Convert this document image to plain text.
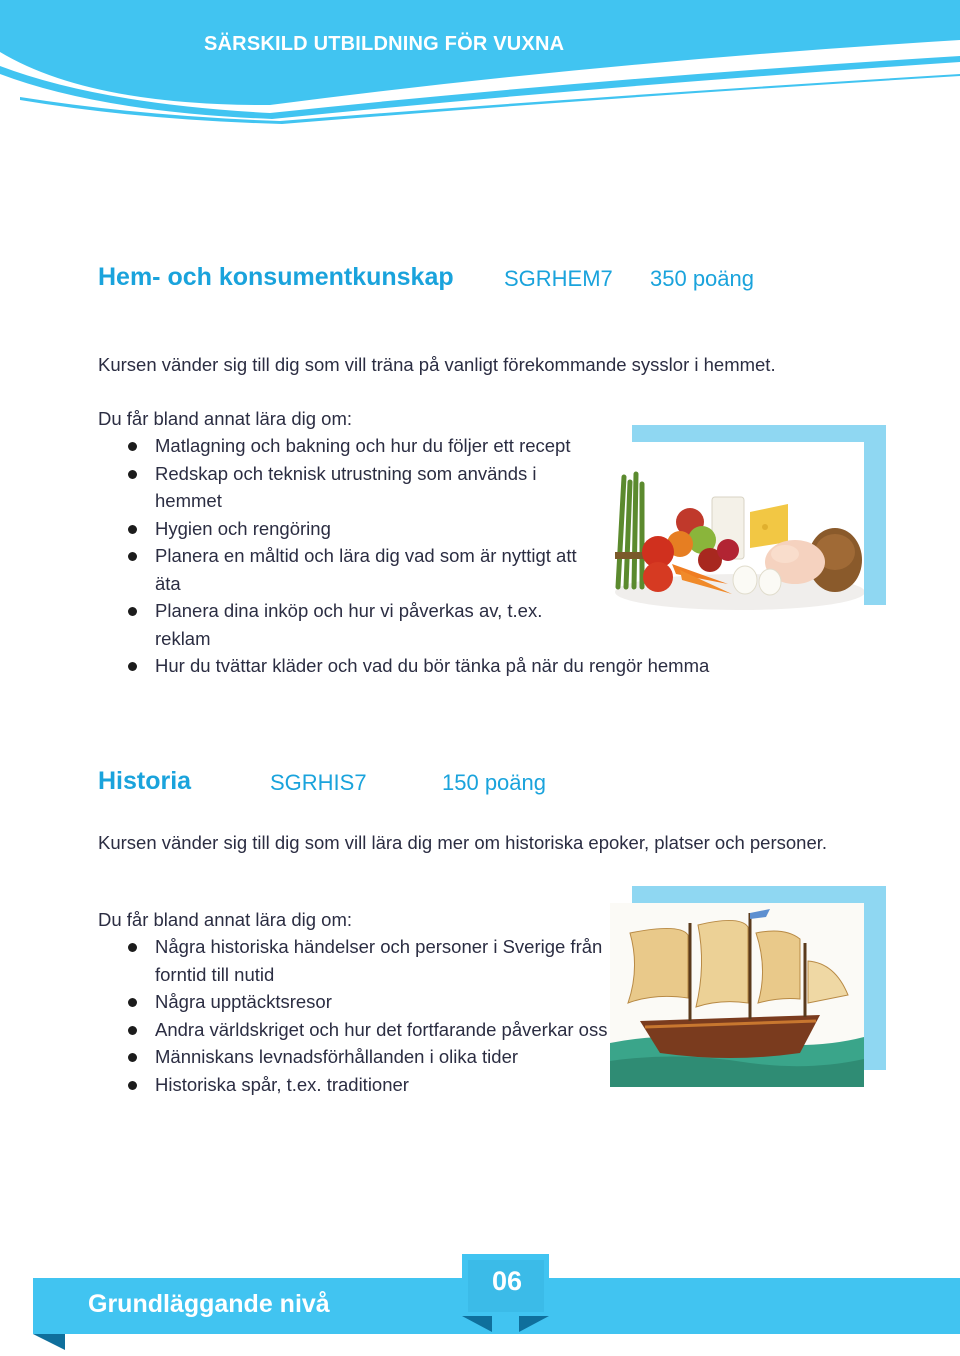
SÄRSKILD UTBILDNING FÖR VUXNA
Hem- och konsumentkunskap SGRHEM7 350 poäng
Kursen vänder sig till dig som vill träna på vanligt förekommande sysslor i hemmet.
Du får bland annat lära dig om:
Matlagning och bakning och hur du följer ett recept
Redskap och teknisk utrustning som används i hemmet
Hygien och rengöring
Planera en måltid och lära dig vad som är nyttigt att äta
Planera dina inköp och hur vi påverkas av, t.ex. reklam
Hur du tvättar kläder och vad du bör tänka på när du rengör hemma
Historia	SGRHIS7	150 poäng
Kursen vänder sig till dig som vill lära dig mer om historiska epoker, platser och personer.
Du får bland annat lära dig om:
Några historiska händelser och personer i Sverige från forntid till nutid
Några upptäcktsresor
Andra världskriget och hur det fortfarande påverkar oss
Människans levnadsförhållanden i olika tider
Historiska spår, t.ex. traditioner
Grundläggande nivå
06
